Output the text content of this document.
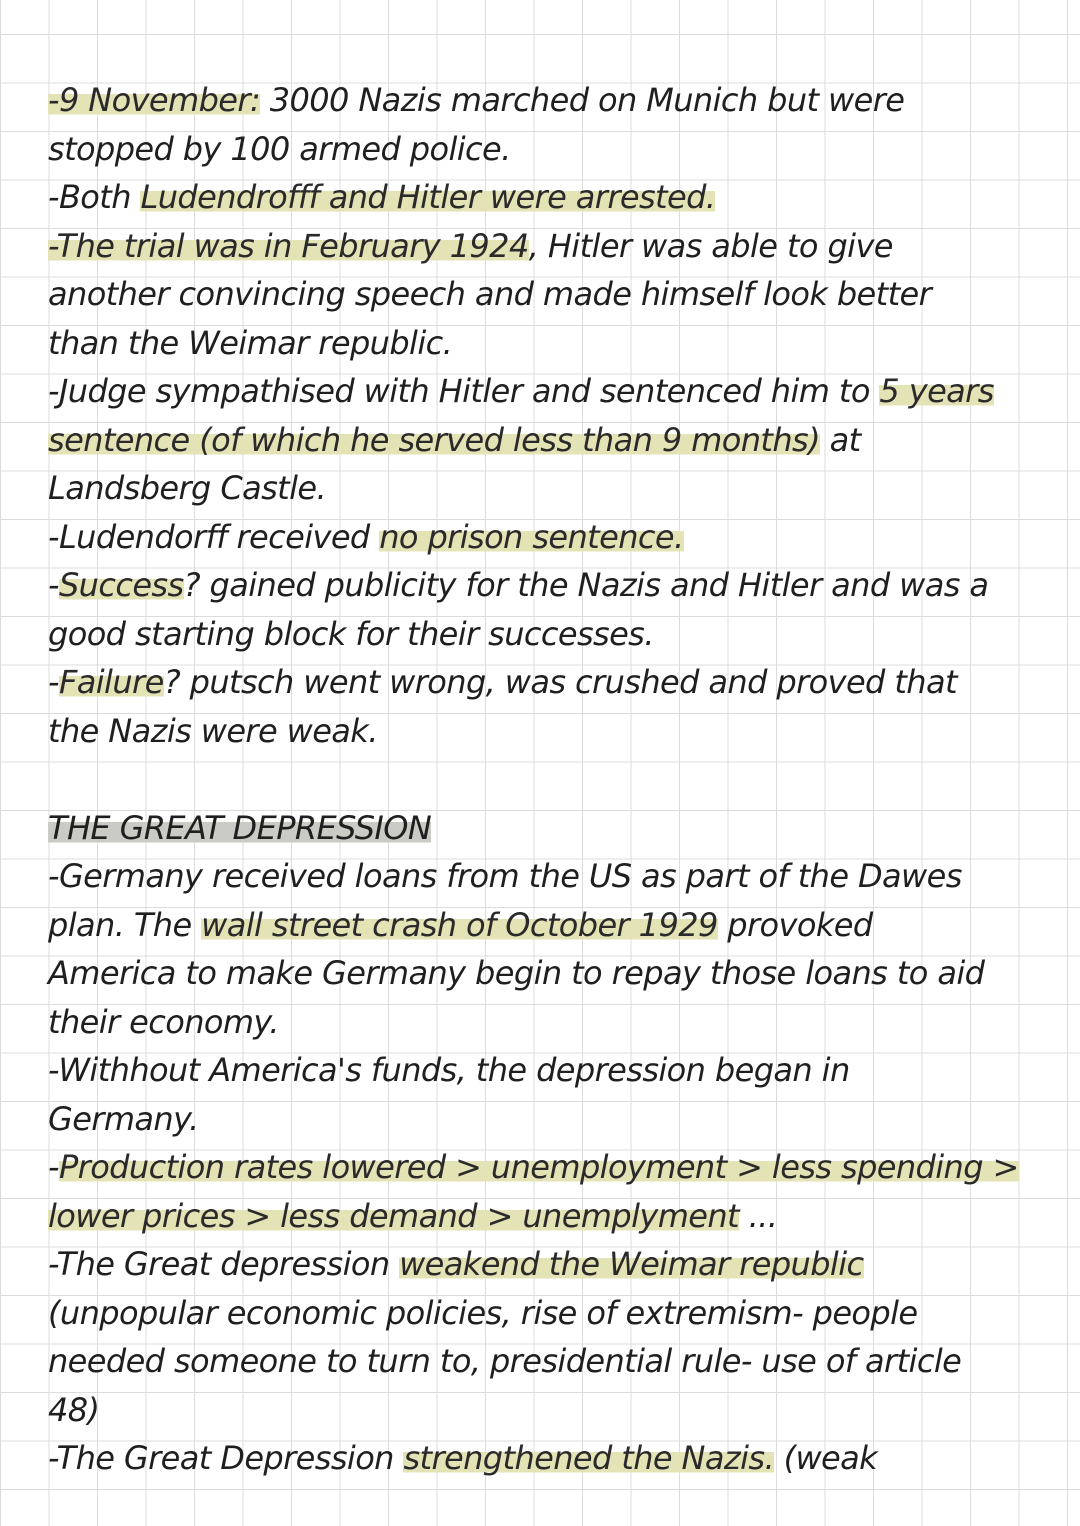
-9 November: 3000 Nazis marched on Munich but were
stopped by 100 armed police.
-Both Ludendrofff and Hitler were arrested.
-The trial was in February 1924, Hitler was able to give
another convincing speech and made himself look better
than the Weimar republic.
-Judge sympathised with Hitler and sentenced him to 5 years
sentence (of which he served less than 9 months) at
Landsberg Castle.
-Ludendorff received no prison sentence.
-Success? gained publicity for the Nazis and Hitler and was a
good starting block for their successes.
-Failure? putsch went wrong, was crushed and proved that
the Nazis were weak.
THE GREAT DEPRESSION
-Germany received loans from the US as part of the Dawes
plan. The wall street crash of October 1929 provoked
America to make Germany begin to repay those loans to aid
their economy.
-Withhout America's funds, the depression began in
Germany.
-Production rates lowered > unemployment > less spending >
lower prices > less demand > unemplyment ...
-The Great depression weakend the Weimar republic
(unpopular economic policies, rise of extremism- people
needed someone to turn to, presidential rule- use of article
48)
-The Great Depression strengthened the Nazis. (weak
